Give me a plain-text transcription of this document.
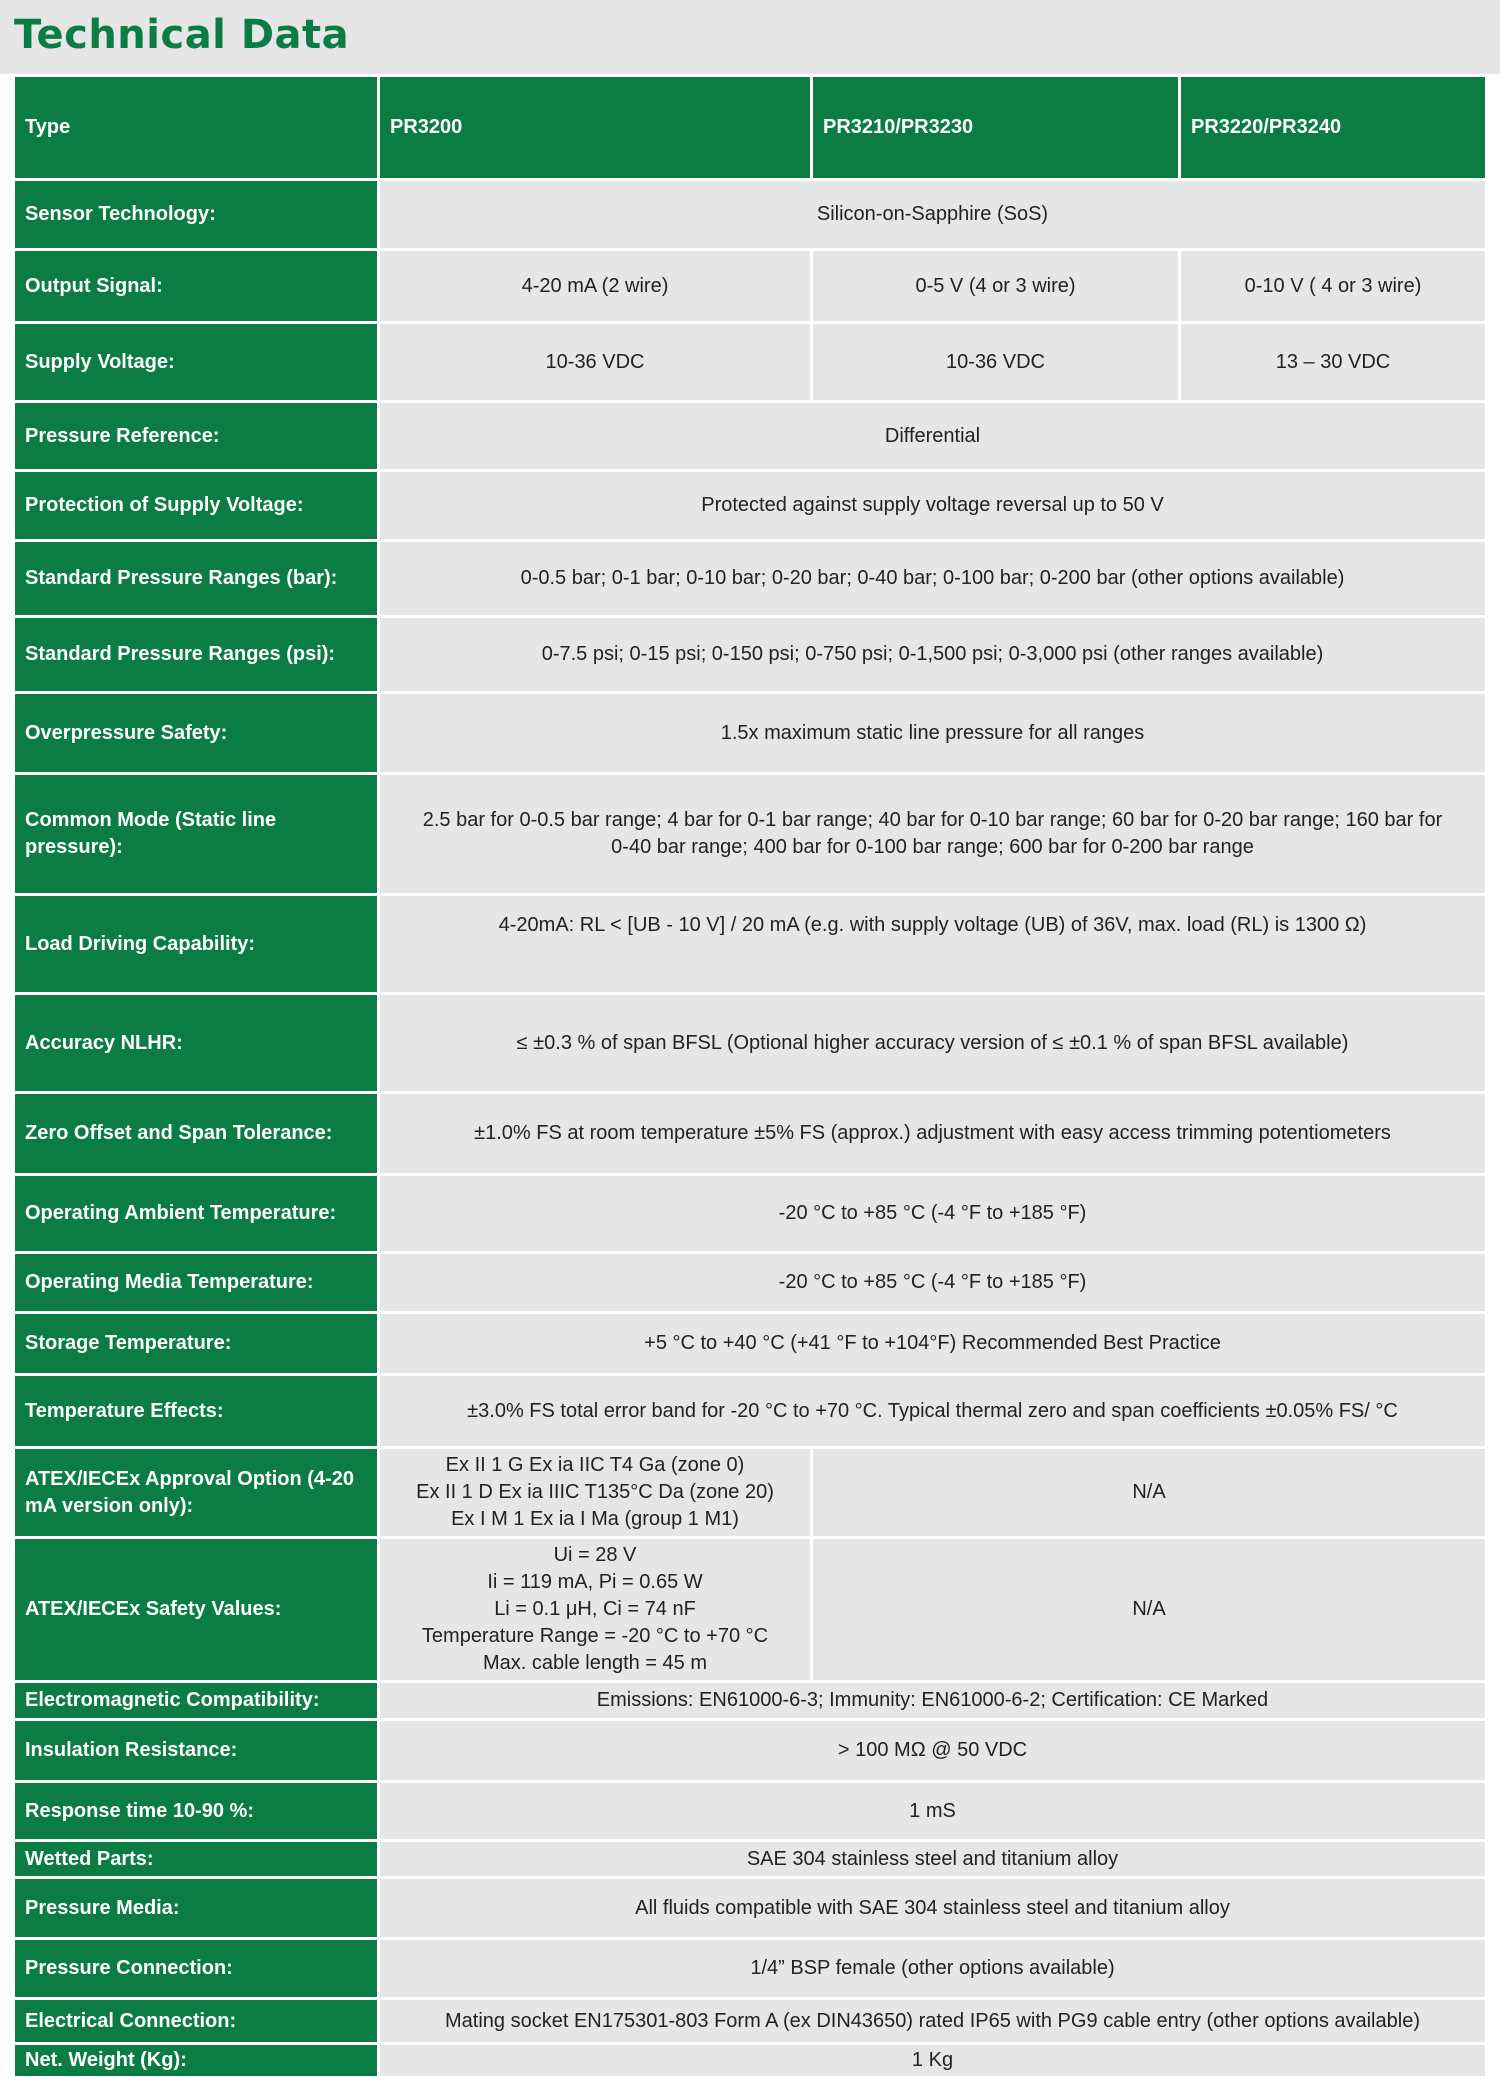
Technical Data
Type	PR3200	PR3210/PR3230	PR3220/PR3240
Sensor Technology:	Silicon-on-Sapphire (SoS)		
Output Signal:	4-20 mA (2 wire)	0-5 V (4 or 3 wire)	0-10 V ( 4 or 3 wire)
Supply Voltage:	10-36 VDC	10-36 VDC	13 – 30 VDC
Pressure Reference:	Differential		
Protection of Supply Voltage:	Protected against supply voltage reversal up to 50 V		
Standard Pressure Ranges (bar):	0-0.5 bar; 0-1 bar; 0-10 bar; 0-20 bar; 0-40 bar; 0-100 bar; 0-200 bar (other options available)		
Standard Pressure Ranges (psi):	0-7.5 psi; 0-15 psi; 0-150 psi; 0-750 psi; 0-1,500 psi; 0-3,000 psi (other ranges available)		
Overpressure Safety:	1.5x maximum static line pressure for all ranges		

Common Mode (Static line
pressure):	2.5 bar for 0-0.5 bar range; 4 bar for 0-1 bar range; 40 bar for 0-10 bar range; 60 bar for 0-20 bar range; 160 bar for
0-40 bar range; 400 bar for 0-100 bar range; 600 bar for 0-200 bar range		

Load Driving Capability:	4-20mA: RL < [UB - 10 V] / 20 mA (e.g. with supply voltage (UB) of 36V, max. load (RL) is 1300 Ω)		
Accuracy NLHR:	≤ ±0.3 % of span BFSL (Optional higher accuracy version of ≤ ±0.1 % of span BFSL available)		
Zero Offset and Span Tolerance:	±1.0% FS at room temperature ±5% FS (approx.) adjustment with easy access trimming potentiometers		
Operating Ambient Temperature:	-20 °C to +85 °C (-4 °F to +185 °F)		
Operating Media Temperature:	-20 °C to +85 °C (-4 °F to +185 °F)		
Storage Temperature:	+5 °C to +40 °C (+41 °F to +104°F) Recommended Best Practice		
Temperature Effects:	±3.0% FS total error band for -20 °C to +70 °C. Typical thermal zero and span coefficients ±0.05% FS/ °C		

ATEX/IECEx Approval Option (4-20
mA version only):	Ex II 1 G Ex ia IIC T4 Ga (zone 0)
Ex II 1 D Ex ia IIIC T135°C Da (zone 20)
Ex I M 1 Ex ia I Ma (group 1 M1)	N/A	
ATEX/IECEx Safety Values:	Ui = 28 V
Ii = 119 mA, Pi = 0.65 W
Li = 0.1 μH, Ci = 74 nF
Temperature Range = -20 °C to +70 °C
Max. cable length = 45 m	N/A	
Electromagnetic Compatibility:	Emissions: EN61000-6-3; Immunity: EN61000-6-2; Certification: CE Marked		
Insulation Resistance:	> 100 MΩ @ 50 VDC		
Response time 10-90 %:	1 mS		
Wetted Parts:	SAE 304 stainless steel and titanium alloy		
Pressure Media:	All fluids compatible with SAE 304 stainless steel and titanium alloy		
Pressure Connection:	1/4” BSP female (other options available)		
Electrical Connection:	Mating socket EN175301-803 Form A (ex DIN43650) rated IP65 with PG9 cable entry (other options available)		
Net. Weight (Kg):	1 Kg		
